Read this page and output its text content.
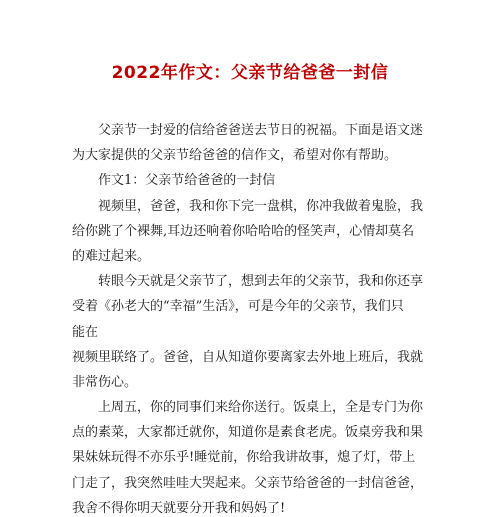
2022年作文：父亲节给爸爸一封信
父亲节一封爱的信给爸爸送去节日的祝福。下面是语文迷
为大家提供的父亲节给爸爸的信作文，希望对你有帮助。
作文1：父亲节给爸爸的一封信
视频里，爸爸，我和你下完一盘棋，你冲我做着鬼脸，我
给你跳了个裸舞,耳边还响着你哈哈哈的怪笑声，心情却莫名
的难过起来。
转眼今天就是父亲节了，想到去年的父亲节，我和你还享
受着《孙老大的“幸福”生活》，可是今年的父亲节，我们只
能在
视频里联络了。爸爸，自从知道你要离家去外地上班后，我就
非常伤心。
上周五，你的同事们来给你送行。饭桌上，全是专门为你
点的素菜，大家都迁就你，知道你是素食老虎。饭桌旁我和果
果妹妹玩得不亦乐乎!睡觉前，你给我讲故事，熄了灯，带上
门走了，我突然哇哇大哭起来。父亲节给爸爸的一封信爸爸，
我舍不得你明天就要分开我和妈妈了!
